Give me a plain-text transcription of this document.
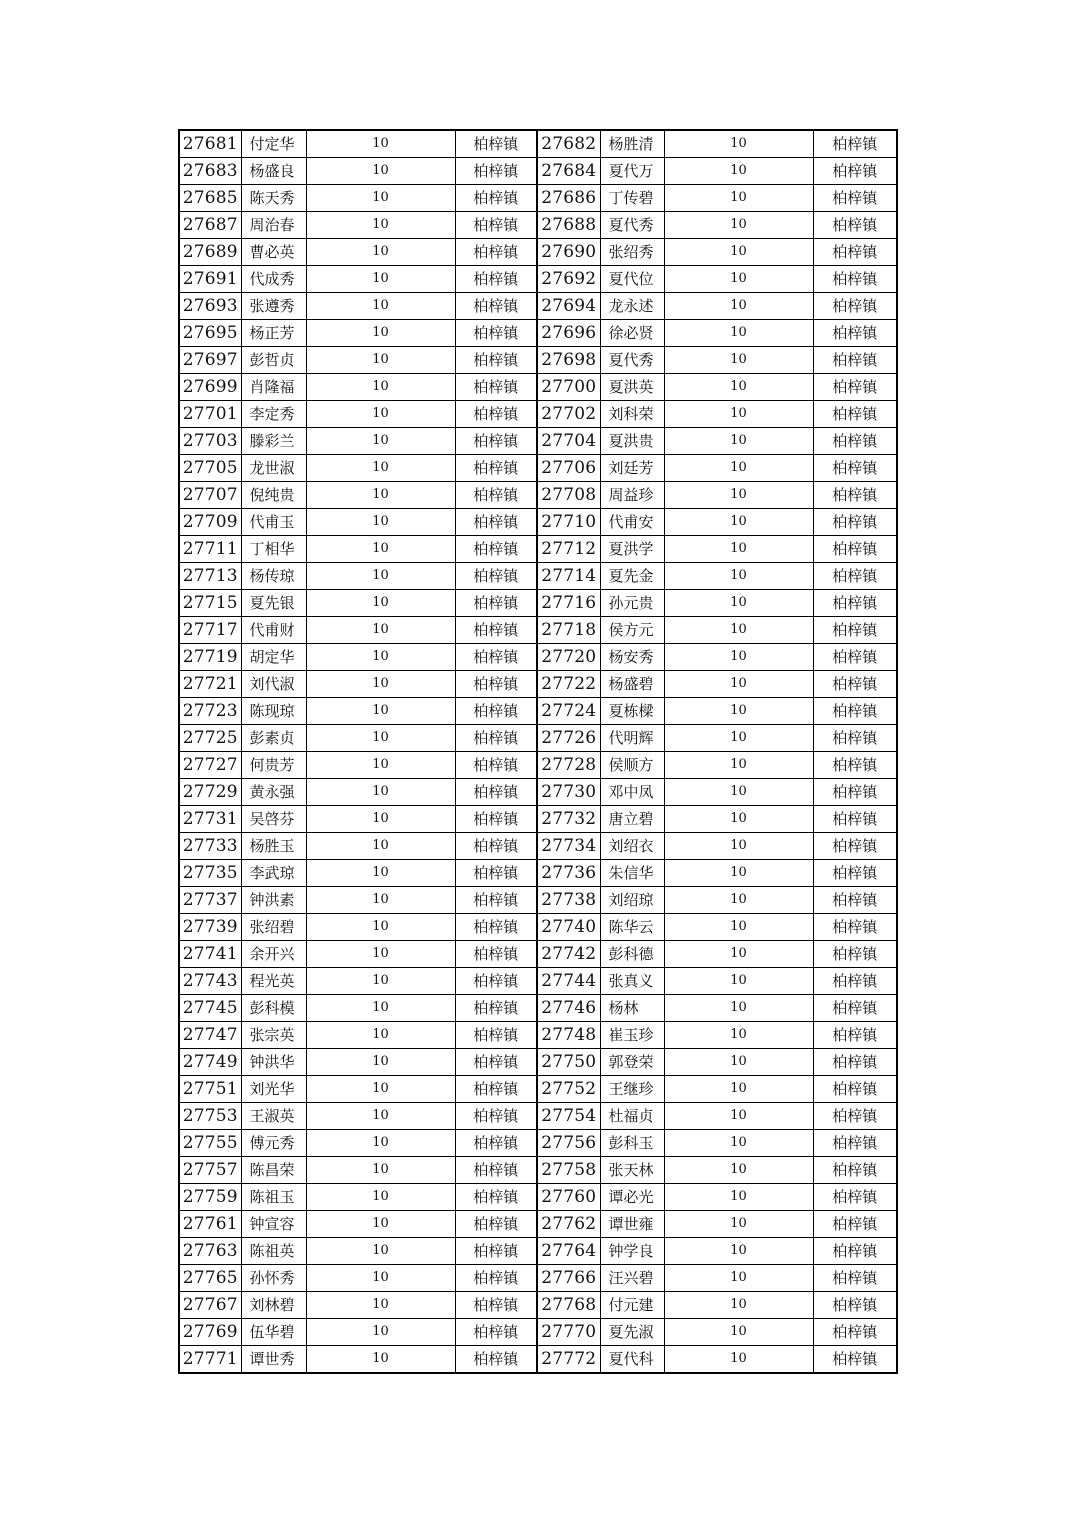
27681	付定华	10	柏梓镇	27682	杨胜清	10	柏梓镇
27683	杨盛良	10	柏梓镇	27684	夏代万	10	柏梓镇
27685	陈天秀	10	柏梓镇	27686	丁传碧	10	柏梓镇
27687	周治春	10	柏梓镇	27688	夏代秀	10	柏梓镇
27689	曹必英	10	柏梓镇	27690	张绍秀	10	柏梓镇
27691	代成秀	10	柏梓镇	27692	夏代位	10	柏梓镇
27693	张遵秀	10	柏梓镇	27694	龙永述	10	柏梓镇
27695	杨正芳	10	柏梓镇	27696	徐必贤	10	柏梓镇
27697	彭哲贞	10	柏梓镇	27698	夏代秀	10	柏梓镇
27699	肖隆福	10	柏梓镇	27700	夏洪英	10	柏梓镇
27701	李定秀	10	柏梓镇	27702	刘科荣	10	柏梓镇
27703	滕彩兰	10	柏梓镇	27704	夏洪贵	10	柏梓镇
27705	龙世淑	10	柏梓镇	27706	刘廷芳	10	柏梓镇
27707	倪纯贵	10	柏梓镇	27708	周益珍	10	柏梓镇
27709	代甫玉	10	柏梓镇	27710	代甫安	10	柏梓镇
27711	丁相华	10	柏梓镇	27712	夏洪学	10	柏梓镇
27713	杨传琼	10	柏梓镇	27714	夏先金	10	柏梓镇
27715	夏先银	10	柏梓镇	27716	孙元贵	10	柏梓镇
27717	代甫财	10	柏梓镇	27718	侯方元	10	柏梓镇
27719	胡定华	10	柏梓镇	27720	杨安秀	10	柏梓镇
27721	刘代淑	10	柏梓镇	27722	杨盛碧	10	柏梓镇
27723	陈现琼	10	柏梓镇	27724	夏栋樑	10	柏梓镇
27725	彭素贞	10	柏梓镇	27726	代明辉	10	柏梓镇
27727	何贵芳	10	柏梓镇	27728	侯顺方	10	柏梓镇
27729	黄永强	10	柏梓镇	27730	邓中凤	10	柏梓镇
27731	吴啓芬	10	柏梓镇	27732	唐立碧	10	柏梓镇
27733	杨胜玉	10	柏梓镇	27734	刘绍衣	10	柏梓镇
27735	李武琼	10	柏梓镇	27736	朱信华	10	柏梓镇
27737	钟洪素	10	柏梓镇	27738	刘绍琼	10	柏梓镇
27739	张绍碧	10	柏梓镇	27740	陈华云	10	柏梓镇
27741	余开兴	10	柏梓镇	27742	彭科德	10	柏梓镇
27743	程光英	10	柏梓镇	27744	张真义	10	柏梓镇
27745	彭科模	10	柏梓镇	27746	杨林	10	柏梓镇
27747	张宗英	10	柏梓镇	27748	崔玉珍	10	柏梓镇
27749	钟洪华	10	柏梓镇	27750	郭登荣	10	柏梓镇
27751	刘光华	10	柏梓镇	27752	王继珍	10	柏梓镇
27753	王淑英	10	柏梓镇	27754	杜福贞	10	柏梓镇
27755	傅元秀	10	柏梓镇	27756	彭科玉	10	柏梓镇
27757	陈昌荣	10	柏梓镇	27758	张天林	10	柏梓镇
27759	陈祖玉	10	柏梓镇	27760	谭必光	10	柏梓镇
27761	钟宣容	10	柏梓镇	27762	谭世雍	10	柏梓镇
27763	陈祖英	10	柏梓镇	27764	钟学良	10	柏梓镇
27765	孙怀秀	10	柏梓镇	27766	汪兴碧	10	柏梓镇
27767	刘林碧	10	柏梓镇	27768	付元建	10	柏梓镇
27769	伍华碧	10	柏梓镇	27770	夏先淑	10	柏梓镇
27771	谭世秀	10	柏梓镇	27772	夏代科	10	柏梓镇
